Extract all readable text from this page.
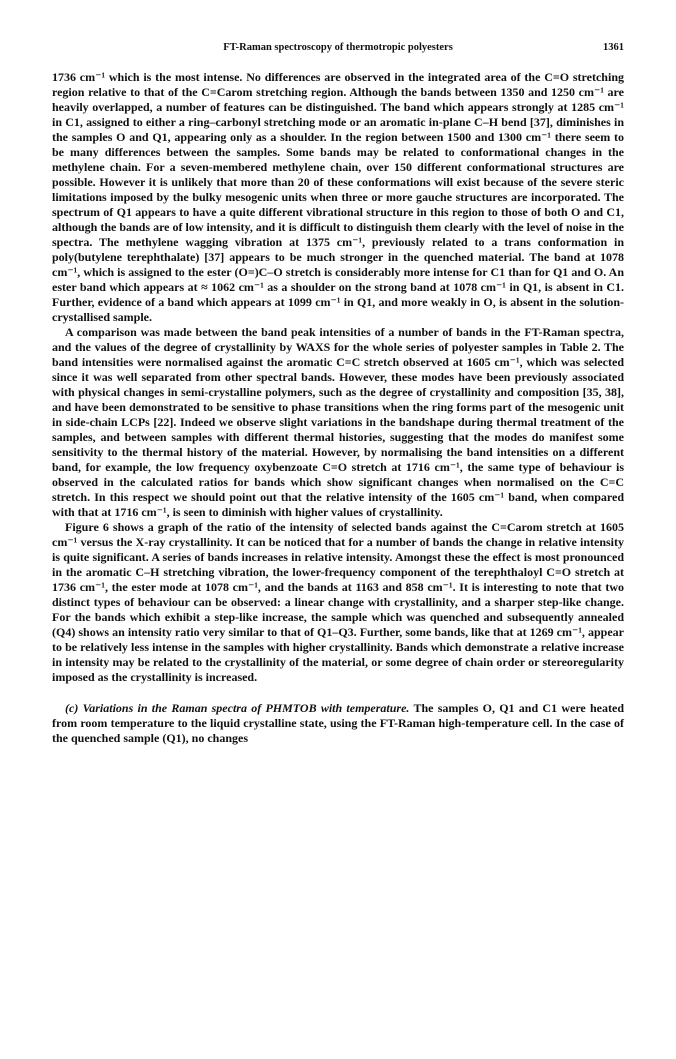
FT-Raman spectroscopy of thermotropic polyesters	1361

1736 cm⁻¹ which is the most intense. No differences are observed in the integrated area of the C=O stretching region relative to that of the C=Carom stretching region. Although the bands between 1350 and 1250 cm⁻¹ are heavily overlapped, a number of features can be distinguished. The band which appears strongly at 1285 cm⁻¹ in C1, assigned to either a ring–carbonyl stretching mode or an aromatic in-plane C–H bend [37], diminishes in the samples O and Q1, appearing only as a shoulder. In the region between 1500 and 1300 cm⁻¹ there seem to be many differences between the samples. Some bands may be related to conformational changes in the methylene chain. For a seven-membered methylene chain, over 150 different conformational structures are possible. However it is unlikely that more than 20 of these conformations will exist because of the severe steric limitations imposed by the bulky mesogenic units when three or more gauche structures are incorporated. The spectrum of Q1 appears to have a quite different vibrational structure in this region to those of both O and C1, although the bands are of low intensity, and it is difficult to distinguish them clearly with the level of noise in the spectra. The methylene wagging vibration at 1375 cm⁻¹, previously related to a trans conformation in poly(butylene terephthalate) [37] appears to be much stronger in the quenched material. The band at 1078 cm⁻¹, which is assigned to the ester (O=)C–O stretch is considerably more intense for C1 than for Q1 and O. An ester band which appears at ≈ 1062 cm⁻¹ as a shoulder on the strong band at 1078 cm⁻¹ in Q1, is absent in C1. Further, evidence of a band which appears at 1099 cm⁻¹ in Q1, and more weakly in O, is absent in the solution-crystallised sample.

A comparison was made between the band peak intensities of a number of bands in the FT-Raman spectra, and the values of the degree of crystallinity by WAXS for the whole series of polyester samples in Table 2. The band intensities were normalised against the aromatic C=C stretch observed at 1605 cm⁻¹, which was selected since it was well separated from other spectral bands. However, these modes have been previously associated with physical changes in semi-crystalline polymers, such as the degree of crystallinity and composition [35, 38], and have been demonstrated to be sensitive to phase transitions when the ring forms part of the mesogenic unit in side-chain LCPs [22]. Indeed we observe slight variations in the bandshape during thermal treatment of the samples, and between samples with different thermal histories, suggesting that the modes do manifest some sensitivity to the thermal history of the material. However, by normalising the band intensities on a different band, for example, the low frequency oxybenzoate C=O stretch at 1716 cm⁻¹, the same type of behaviour is observed in the calculated ratios for bands which show significant changes when normalised on the C=C stretch. In this respect we should point out that the relative intensity of the 1605 cm⁻¹ band, when compared with that at 1716 cm⁻¹, is seen to diminish with higher values of crystallinity.

Figure 6 shows a graph of the ratio of the intensity of selected bands against the C=Carom stretch at 1605 cm⁻¹ versus the X-ray crystallinity. It can be noticed that for a number of bands the change in relative intensity is quite significant. A series of bands increases in relative intensity. Amongst these the effect is most pronounced in the aromatic C–H stretching vibration, the lower-frequency component of the terephthaloyl C=O stretch at 1736 cm⁻¹, the ester mode at 1078 cm⁻¹, and the bands at 1163 and 858 cm⁻¹. It is interesting to note that two distinct types of behaviour can be observed: a linear change with crystallinity, and a sharper step-like change. For the bands which exhibit a step-like increase, the sample which was quenched and subsequently annealed (Q4) shows an intensity ratio very similar to that of Q1–Q3. Further, some bands, like that at 1269 cm⁻¹, appear to be relatively less intense in the samples with higher crystallinity. Bands which demonstrate a relative increase in intensity may be related to the crystallinity of the material, or some degree of chain order or stereoregularity imposed as the crystallinity is increased.

(c) Variations in the Raman spectra of PHMTOB with temperature. The samples O, Q1 and C1 were heated from room temperature to the liquid crystalline state, using the FT-Raman high-temperature cell. In the case of the quenched sample (Q1), no changes
